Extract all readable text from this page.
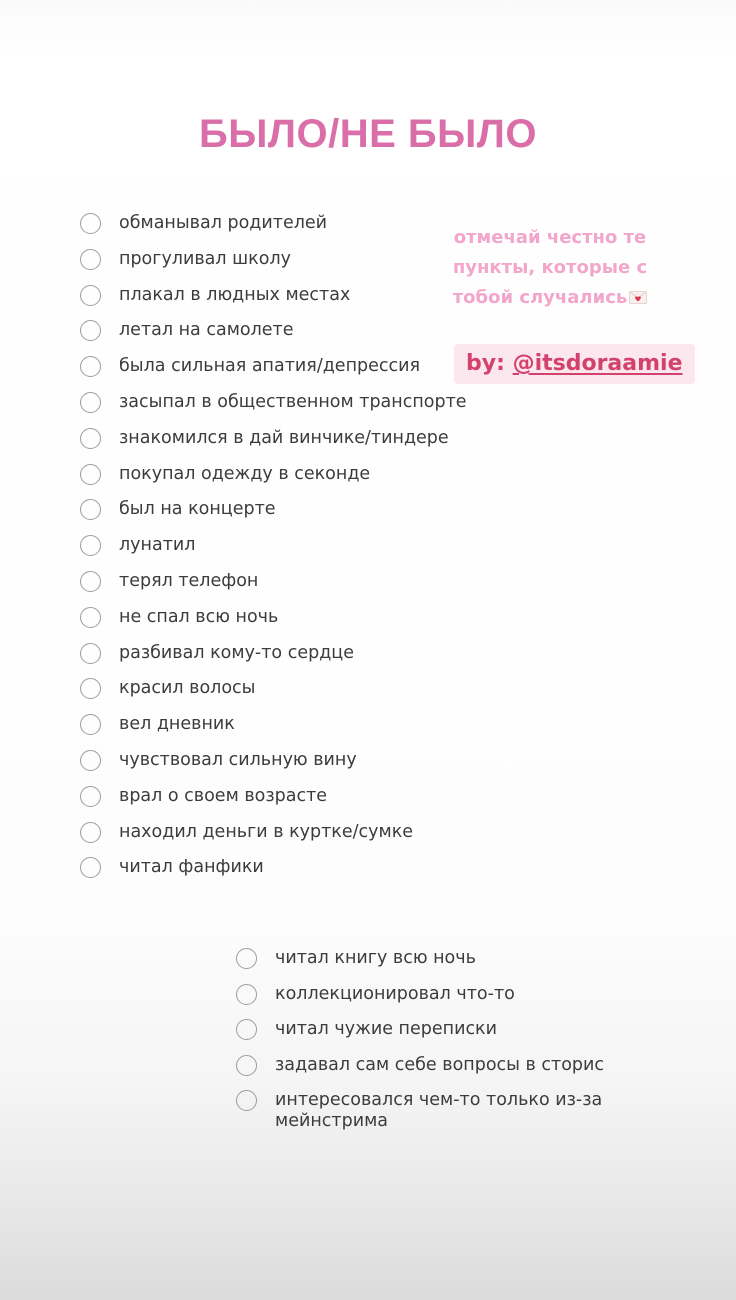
БЫЛО/НЕ БЫЛО
отмечай честно те
пункты, которые с
тобой случались
by: @itsdoraamie
обманывал родителей
прогуливал школу
плакал в людных местах
летал на самолете
была сильная апатия/депрессия
засыпал в общественном транспорте
знакомился в дай винчике/тиндере
покупал одежду в секонде
был на концерте
лунатил
терял телефон
не спал всю ночь
разбивал кому-то сердце
красил волосы
вел дневник
чувствовал сильную вину
врал о своем возрасте
находил деньги в куртке/сумке
читал фанфики
читал книгу всю ночь
коллекционировал что-то
читал чужие переписки
задавал сам себе вопросы в сторис
интересовался чем-то только из-за мейнстрима
